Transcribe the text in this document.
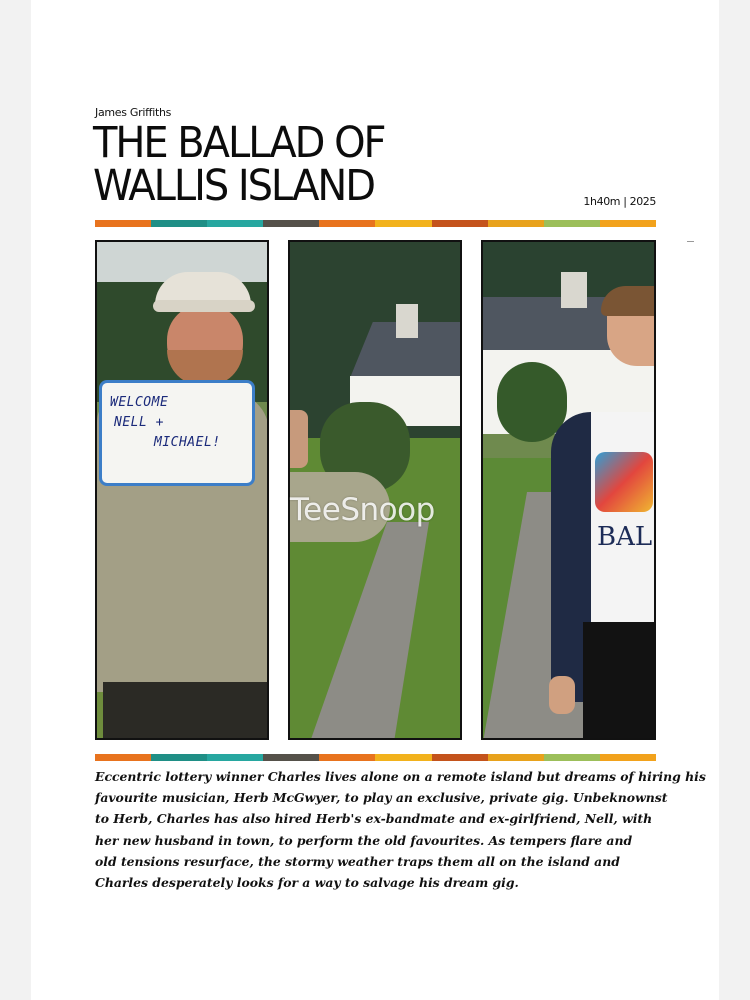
James Griffiths
THE BALLAD OF
WALLIS ISLAND	1h40m | 2025
WELCOME
NELL +
MICHAEL!
BAL
Eccentric lottery winner Charles lives alone on a remote island but dreams of hiring his
favourite musician, Herb McGwyer, to play an exclusive, private gig. Unbeknownst
to Herb, Charles has also hired Herb's ex-bandmate and ex-girlfriend, Nell, with
her new husband in town, to perform the old favourites. As tempers flare and
old tensions resurface, the stormy weather traps them all on the island and
Charles desperately looks for a way to salvage his dream gig.
TeeSnoop
